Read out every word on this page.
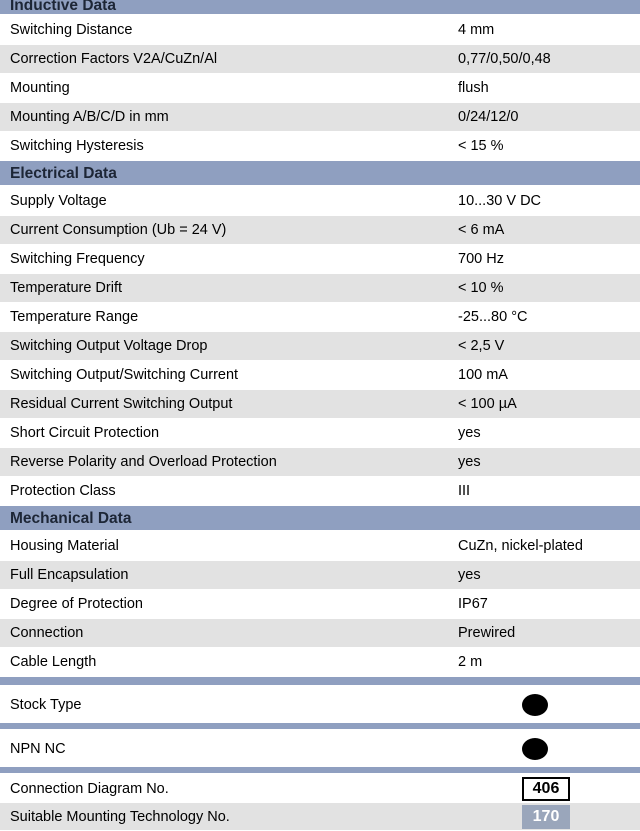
Inductive Data
Switching Distance	4 mm
Correction Factors V2A/CuZn/Al	0,77/0,50/0,48
Mounting	flush
Mounting A/B/C/D in mm	0/24/12/0
Switching Hysteresis	< 15 %
Electrical Data
Supply Voltage	10...30 V DC
Current Consumption (Ub = 24 V)	< 6 mA
Switching Frequency	700 Hz
Temperature Drift	< 10 %
Temperature Range	-25...80 °C
Switching Output Voltage Drop	< 2,5 V
Switching Output/Switching Current	100 mA
Residual Current Switching Output	< 100 µA
Short Circuit Protection	yes
Reverse Polarity and Overload Protection	yes
Protection Class	III
Mechanical Data
Housing Material	CuZn, nickel-plated
Full Encapsulation	yes
Degree of Protection	IP67
Connection	Prewired
Cable Length	2 m
Stock Type
NPN NC
Connection Diagram No.	406
Suitable Mounting Technology No.	170
